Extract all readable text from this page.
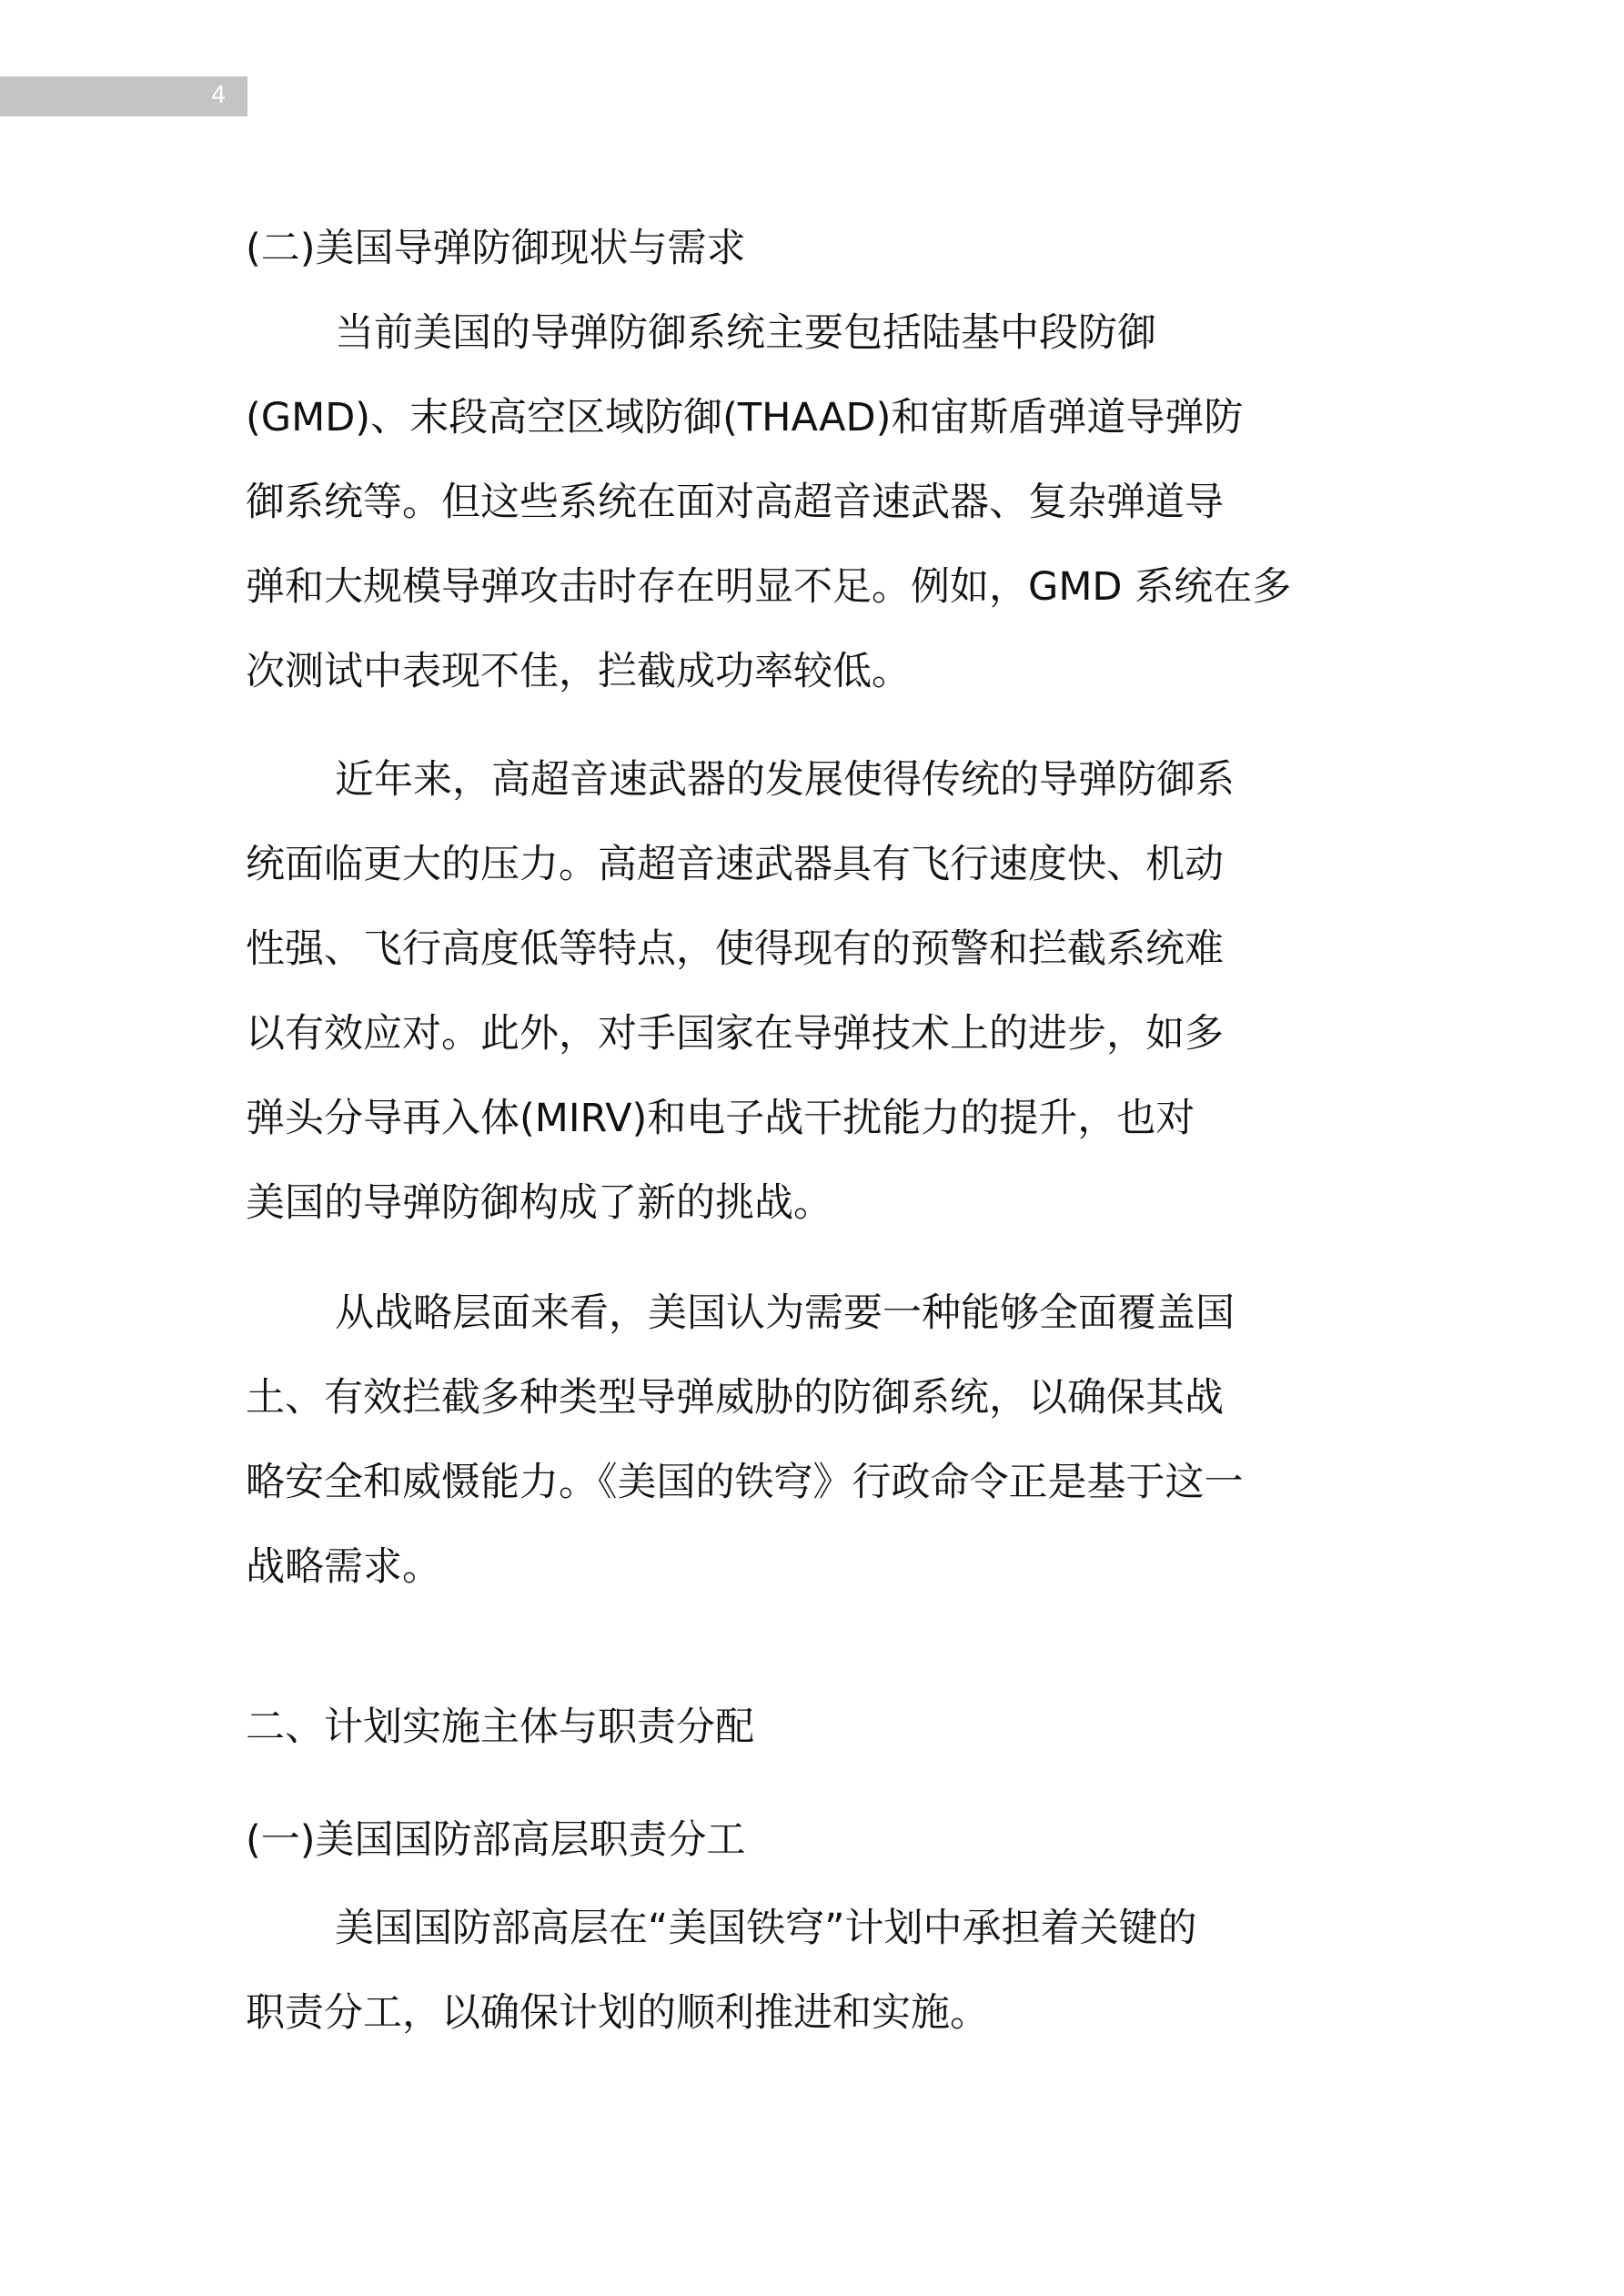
4
(二)美国导弹防御现状与需求
当前美国的导弹防御系统主要包括陆基中段防御
(GMD)、末段高空区域防御(THAAD)和宙斯盾弹道导弹防
御系统等。但这些系统在面对高超音速武器、复杂弹道导
弹和大规模导弹攻击时存在明显不足。例如，GMD 系统在多
次测试中表现不佳，拦截成功率较低。
近年来，高超音速武器的发展使得传统的导弹防御系
统面临更大的压力。高超音速武器具有飞行速度快、机动
性强、飞行高度低等特点，使得现有的预警和拦截系统难
以有效应对。此外，对手国家在导弹技术上的进步，如多
弹头分导再入体(MIRV)和电子战干扰能力的提升，也对
美国的导弹防御构成了新的挑战。
从战略层面来看，美国认为需要一种能够全面覆盖国
土、有效拦截多种类型导弹威胁的防御系统，以确保其战
略安全和威慑能力。《美国的铁穹》行政命令正是基于这一
战略需求。
二、计划实施主体与职责分配
(一)美国国防部高层职责分工
美国国防部高层在“美国铁穹”计划中承担着关键的
职责分工，以确保计划的顺利推进和实施。
